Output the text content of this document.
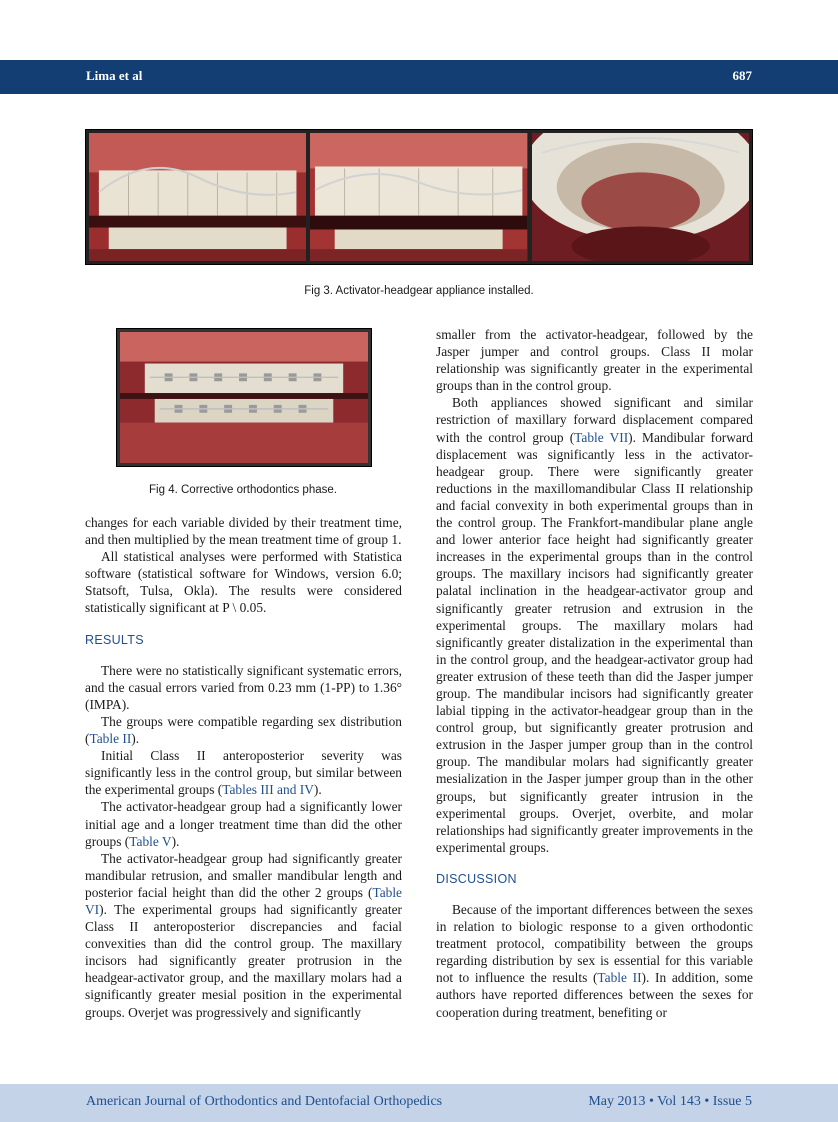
Lima et al	687
Fig 3. Activator-headgear appliance installed.
Fig 4. Corrective orthodontics phase.

changes for each variable divided by their treatment time, and then multiplied by the mean treatment time of group 1.

All statistical analyses were performed with Statistica software (statistical software for Windows, version 6.0; Statsoft, Tulsa, Okla). The results were considered statistically significant at P \ 0.05.

RESULTS

There were no statistically significant systematic errors, and the casual errors varied from 0.23 mm (1-PP) to 1.36° (IMPA).

The groups were compatible regarding sex distribution (Table II).

Initial Class II anteroposterior severity was significantly less in the control group, but similar between the experimental groups (Tables III and IV).

The activator-headgear group had a significantly lower initial age and a longer treatment time than did the other groups (Table V).

The activator-headgear group had significantly greater mandibular retrusion, and smaller mandibular length and posterior facial height than did the other 2 groups (Table VI). The experimental groups had significantly greater Class II anteroposterior discrepancies and facial convexities than did the control group. The maxillary incisors had significantly greater protrusion in the headgear-activator group, and the maxillary molars had a significantly greater mesial position in the experimental groups. Overjet was progressively and significantly

smaller from the activator-headgear, followed by the Jasper jumper and control groups. Class II molar relationship was significantly greater in the experimental groups than in the control group.

Both appliances showed significant and similar restriction of maxillary forward displacement compared with the control group (Table VII). Mandibular forward displacement was significantly less in the activator-headgear group. There were significantly greater reductions in the maxillomandibular Class II relationship and facial convexity in both experimental groups than in the control group. The Frankfort-mandibular plane angle and lower anterior face height had significantly greater increases in the experimental groups than in the control groups. The maxillary incisors had significantly greater palatal inclination in the headgear-activator group and significantly greater retrusion and extrusion in the experimental groups. The maxillary molars had significantly greater distalization in the experimental than in the control group, and the headgear-activator group had greater extrusion of these teeth than did the Jasper jumper group. The mandibular incisors had significantly greater labial tipping in the activator-headgear group than in the control group, but significantly greater protrusion and extrusion in the Jasper jumper group than in the control group. The mandibular molars had significantly greater mesialization in the Jasper jumper group than in the other groups, but significantly greater intrusion in the experimental groups. Overjet, overbite, and molar relationships had significantly greater improvements in the experimental groups.

DISCUSSION

Because of the important differences between the sexes in relation to biologic response to a given orthodontic treatment protocol, compatibility between the groups regarding distribution by sex is essential for this variable not to influence the results (Table II). In addition, some authors have reported differences between the sexes for cooperation during treatment, benefiting or

American Journal of Orthodontics and Dentofacial Orthopedics	May 2013 • Vol 143 • Issue 5
